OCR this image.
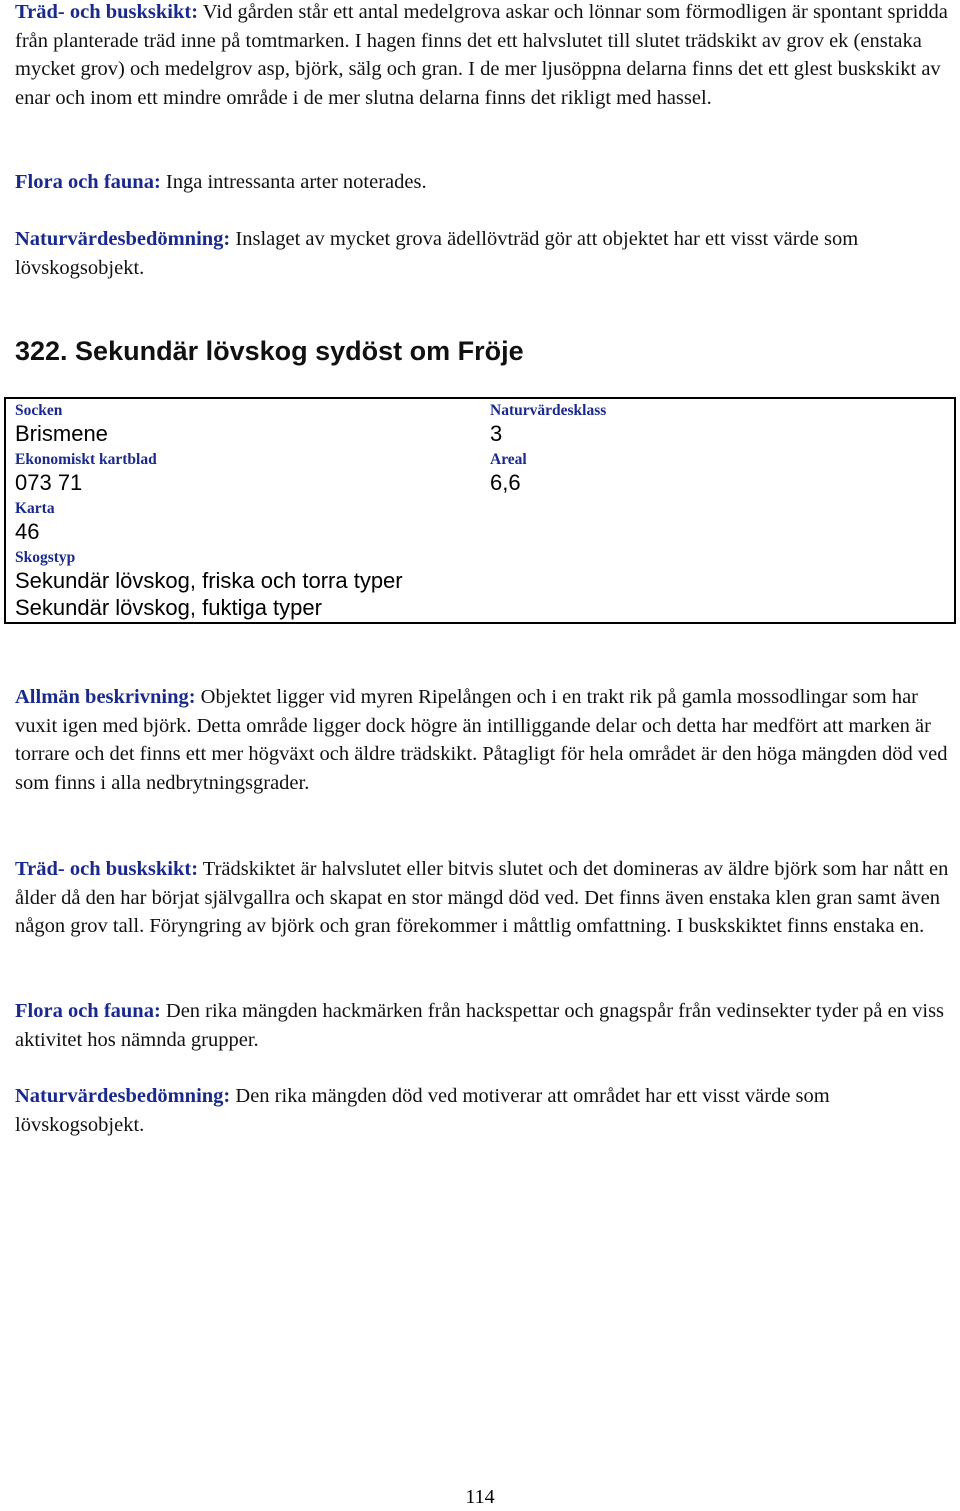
Träd- och buskskikt: Vid gården står ett antal medelgrova askar och lönnar som förmodligen är spontant spridda från planterade träd inne på tomtmarken. I hagen finns det ett halvslutet till slutet trädskikt av grov ek (enstaka mycket grov) och medelgrov asp, björk, sälg och gran. I de mer ljusöppna delarna finns det ett glest buskskikt av enar och inom ett mindre område i de mer slutna delarna finns det rikligt med hassel.

Flora och fauna: Inga intressanta arter noterades.

Naturvärdesbedömning: Inslaget av mycket grova ädellövträd gör att objektet har ett visst värde som lövskogsobjekt.

322. Sekundär lövskog sydöst om Fröje
Socken
Brismene
Naturvärdesklass
3
Ekonomiskt kartblad
073 71
Areal
6,6
Karta
46
Skogstyp
Sekundär lövskog, friska och torra typer
Sekundär lövskog, fuktiga typer

Allmän beskrivning: Objektet ligger vid myren Ripelången och i en trakt rik på gamla mossodlingar som har vuxit igen med björk. Detta område ligger dock högre än intilliggande delar och detta har medfört att marken är torrare och det finns ett mer högväxt och äldre trädskikt. Påtagligt för hela området är den höga mängden död ved som finns i alla nedbrytningsgrader.

Träd- och buskskikt: Trädskiktet är halvslutet eller bitvis slutet och det domineras av äldre björk som har nått en ålder då den har börjat självgallra och skapat en stor mängd död ved. Det finns även enstaka klen gran samt även någon grov tall. Föryngring av björk och gran förekommer i måttlig omfattning. I buskskiktet finns enstaka en.

Flora och fauna: Den rika mängden hackmärken från hackspettar och gnagspår från vedinsekter tyder på en viss aktivitet hos nämnda grupper.

Naturvärdesbedömning: Den rika mängden död ved motiverar att området har ett visst värde som lövskogsobjekt.

114
